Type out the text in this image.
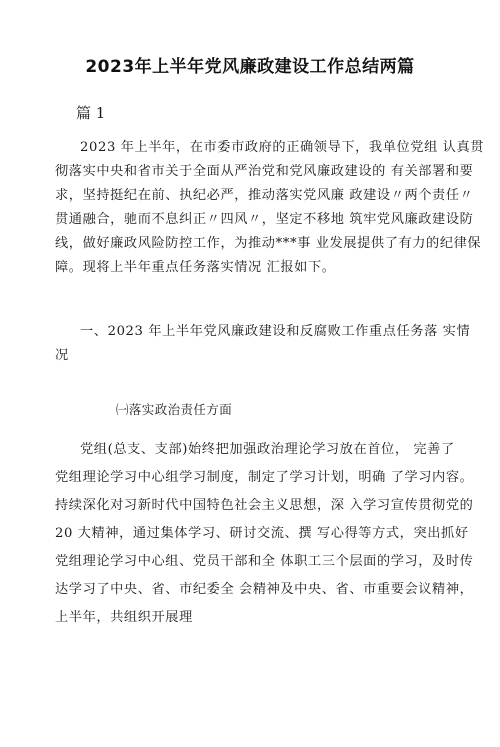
2023年上半年党风廉政建设工作总结两篇
篇 1
2023 年上半年，在市委市政府的正确领导下，我单位党组 认真贯
彻落实中央和省市关于全面从严治党和党风廉政建设的 有关部署和要
求，坚持挺纪在前、执纪必严，推动落实党风廉 政建设〃两个责任〃
贯通融合，驰而不息纠正〃四风〃，坚定不移地 筑牢党风廉政建设防
线，做好廉政风险防控工作，为推动***事 业发展提供了有力的纪律保
障。现将上半年重点任务落实情况 汇报如下。
一、2023 年上半年党风廉政建设和反腐败工作重点任务落 实情
况
㈠落实政治责任方面
党组(总支、支部)始终把加强政治理论学习放在首位， 完善了
党组理论学习中心组学习制度，制定了学习计划，明确 了学习内容。
持续深化对习新时代中国特色社会主义思想，深 入学习宣传贯彻党的
20 大精神，通过集体学习、研讨交流、撰 写心得等方式，突出抓好
党组理论学习中心组、党员干部和全 体职工三个层面的学习，及时传
达学习了中央、省、市纪委全 会精神及中央、省、市重要会议精神，
上半年，共组织开展理
